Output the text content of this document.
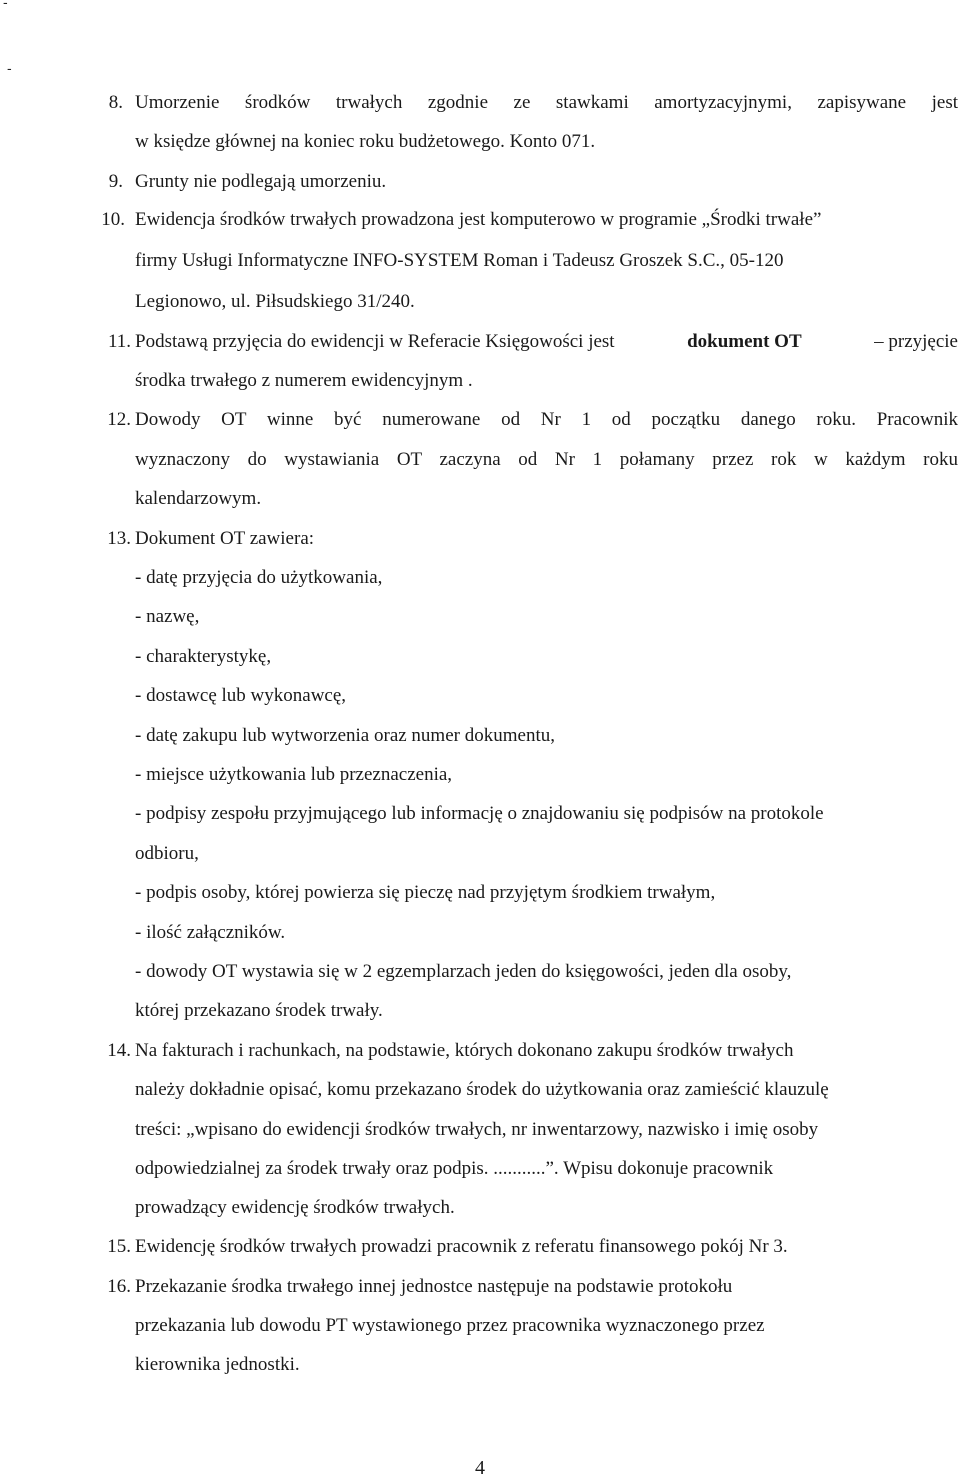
-
-
8. Umorzenie środków trwałych zgodnie ze stawkami amortyzacyjnymi, zapisywane jest
w księdze głównej na koniec roku budżetowego. Konto 071.
9. Grunty nie podlegają umorzeniu.
10. Ewidencja środków trwałych prowadzona jest komputerowo w programie „Środki trwałe”
firmy Usługi Informatyczne INFO-SYSTEM Roman i Tadeusz Groszek S.C., 05-120
Legionowo, ul. Piłsudskiego 31/240.
11. Podstawą przyjęcia do ewidencji w Referacie Księgowości jest	dokument OT	– przyjęcie
środka trwałego z numerem ewidencyjnym .
12. Dowody OT winne być numerowane od Nr 1 od początku danego roku. Pracownik
wyznaczony do wystawiania OT zaczyna od Nr 1 połamany przez rok w każdym roku
kalendarzowym.
13. Dokument OT zawiera:
- datę przyjęcia do użytkowania,
- nazwę,
- charakterystykę,
- dostawcę lub wykonawcę,
- datę zakupu lub wytworzenia oraz numer dokumentu,
- miejsce użytkowania lub przeznaczenia,
- podpisy zespołu przyjmującego lub informację o znajdowaniu się podpisów na protokole
odbioru,
- podpis osoby, której powierza się pieczę nad przyjętym środkiem trwałym,
- ilość załączników.
- dowody OT wystawia się w 2 egzemplarzach jeden do księgowości, jeden dla osoby,
której przekazano środek trwały.
14. Na fakturach i rachunkach, na podstawie, których dokonano zakupu środków trwałych
należy dokładnie opisać, komu przekazano środek do użytkowania oraz zamieścić klauzulę
treści: „wpisano do ewidencji środków trwałych, nr inwentarzowy, nazwisko i imię osoby
odpowiedzialnej za środek trwały oraz podpis. ...........”. Wpisu dokonuje pracownik
prowadzący ewidencję środków trwałych.
15. Ewidencję środków trwałych prowadzi pracownik z referatu finansowego pokój Nr 3.
16. Przekazanie środka trwałego innej jednostce następuje na podstawie protokołu
przekazania lub dowodu PT wystawionego przez pracownika wyznaczonego przez
kierownika jednostki.
4
